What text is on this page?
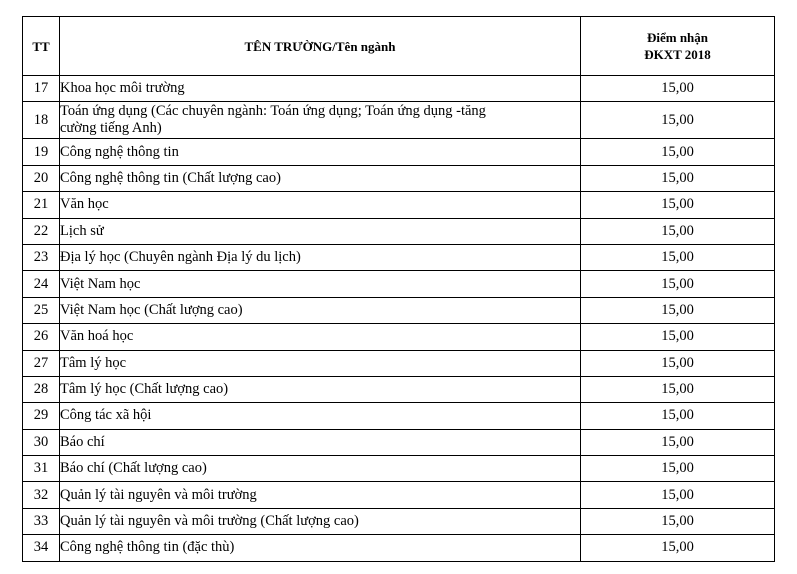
TT	TÊN TRƯỜNG/Tên ngành	Điểm nhận
ĐKXT 2018

17	Khoa học môi trường	15,00
18	Toán ứng dụng (Các chuyên ngành: Toán ứng dụng; Toán ứng dụng -tăng
cường tiếng Anh)	15,00
19	Công nghệ thông tin	15,00
20	Công nghệ thông tin (Chất lượng cao)	15,00
21	Văn học	15,00
22	Lịch sử	15,00
23	Địa lý học (Chuyên ngành Địa lý du lịch)	15,00
24	Việt Nam học	15,00
25	Việt Nam học (Chất lượng cao)	15,00
26	Văn hoá học	15,00
27	Tâm lý học	15,00
28	Tâm lý học (Chất lượng cao)	15,00
29	Công tác xã hội	15,00
30	Báo chí	15,00
31	Báo chí (Chất lượng cao)	15,00
32	Quản lý tài nguyên và môi trường	15,00
33	Quản lý tài nguyên và môi trường (Chất lượng cao)	15,00
34	Công nghệ thông tin (đặc thù)	15,00
